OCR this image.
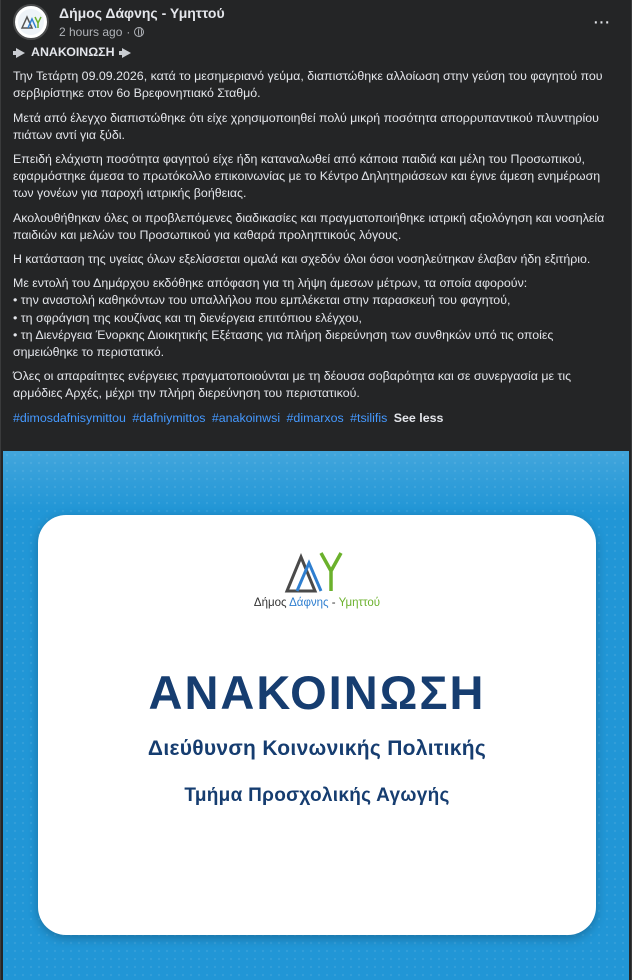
Δήμος Δάφνης - Υμηττού
2 hours ago ·	···

ΑΝΑΚΟΙΝΩΣΗ

Την Τετάρτη 09.09.2026, κατά το μεσημεριανό γεύμα, διαπιστώθηκε αλλοίωση στην γεύση του φαγητού που σερβιρίστηκε στον 6ο Βρεφονηπιακό Σταθμό.

Μετά από έλεγχο διαπιστώθηκε ότι είχε χρησιμοποιηθεί πολύ μικρή ποσότητα απορρυπαντικού πλυντηρίου πιάτων αντί για ξύδι.

Επειδή ελάχιστη ποσότητα φαγητού είχε ήδη καταναλωθεί από κάποια παιδιά και μέλη του Προσωπικού, εφαρμόστηκε άμεσα το πρωτόκολλο επικοινωνίας με το Κέντρο Δηλητηριάσεων και έγινε άμεση ενημέρωση των γονέων για παροχή ιατρικής βοήθειας.

Ακολουθήθηκαν όλες οι προβλεπόμενες διαδικασίες και πραγματοποιήθηκε ιατρική αξιολόγηση και νοσηλεία παιδιών και μελών του Προσωπικού για καθαρά προληπτικούς λόγους.

Η κατάσταση της υγείας όλων εξελίσσεται ομαλά και σχεδόν όλοι όσοι νοσηλεύτηκαν έλαβαν ήδη εξιτήριο.

Με εντολή του Δημάρχου εκδόθηκε απόφαση για τη λήψη άμεσων μέτρων, τα οποία αφορούν:
• την αναστολή καθηκόντων του υπαλλήλου που εμπλέκεται στην παρασκευή του φαγητού,
• τη σφράγιση της κουζίνας και τη διενέργεια επιτόπιου ελέγχου,
• τη Διενέργεια Ένορκης Διοικητικής Εξέτασης για πλήρη διερεύνηση των συνθηκών υπό τις οποίες σημειώθηκε το περιστατικό.

Όλες οι απαραίτητες ενέργειες πραγματοποιούνται με τη δέουσα σοβαρότητα και σε συνεργασία με τις αρμόδιες Αρχές, μέχρι την πλήρη διερεύνηση του περιστατικού.

#dimosdafnisymittou #dafniymittos #anakoinwsi #dimarxos #tsilifis See less

Δήμος Δάφνης - Υμηττού
ΑΝΑΚΟΙΝΩΣΗ
Διεύθυνση Κοινωνικής Πολιτικής
Τμήμα Προσχολικής Αγωγής
